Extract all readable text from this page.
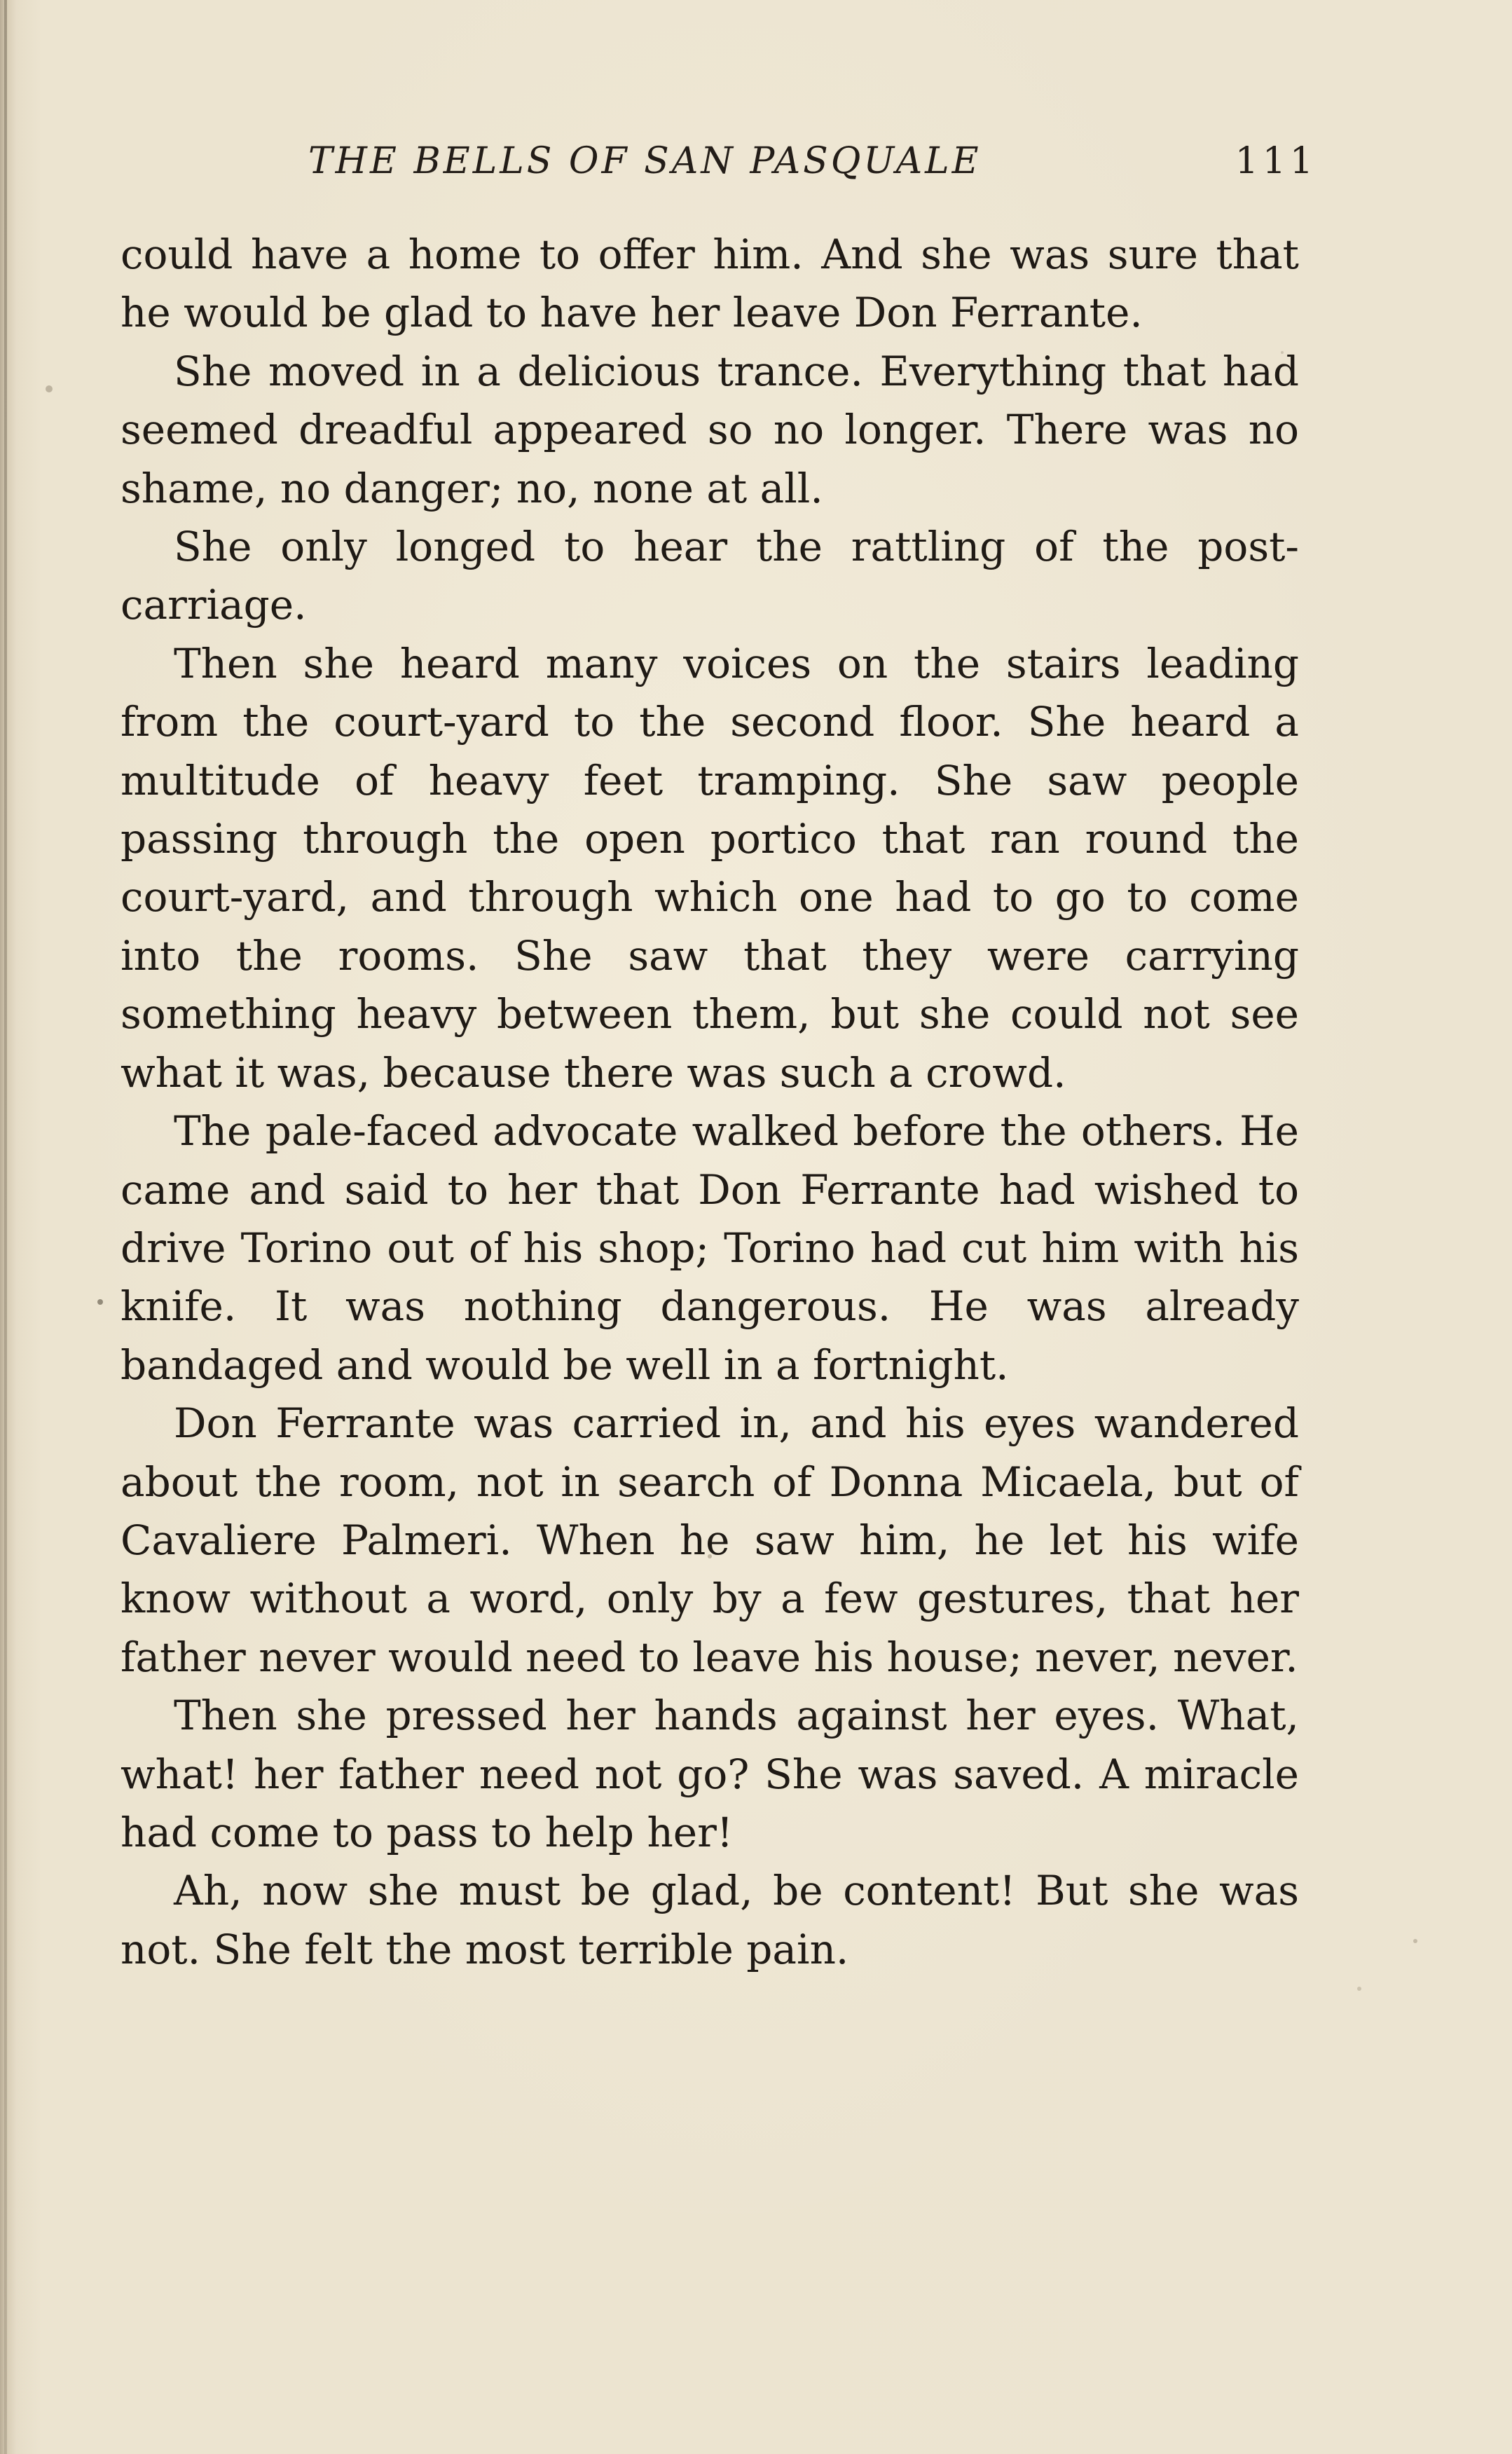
THE BELLS OF SAN PASQUALE	111

could have a home to offer him. And she was sure that he would be glad to have her leave Don Ferrante.

She moved in a delicious trance. Everything that had seemed dreadful appeared so no longer. There was no shame, no danger; no, none at all.

She only longed to hear the rattling of the post-carriage.

Then she heard many voices on the stairs leading from the court-yard to the second floor. She heard a multitude of heavy feet tramping. She saw people passing through the open portico that ran round the court-yard, and through which one had to go to come into the rooms. She saw that they were carrying something heavy between them, but she could not see what it was, because there was such a crowd.

The pale-faced advocate walked before the others. He came and said to her that Don Ferrante had wished to drive Torino out of his shop; Torino had cut him with his knife. It was nothing dangerous. He was already bandaged and would be well in a fortnight.

Don Ferrante was carried in, and his eyes wandered about the room, not in search of Donna Micaela, but of Cavaliere Palmeri. When he saw him, he let his wife know without a word, only by a few gestures, that her father never would need to leave his house; never, never.

Then she pressed her hands against her eyes. What, what! her father need not go? She was saved. A miracle had come to pass to help her!

Ah, now she must be glad, be content! But she was not. She felt the most terrible pain.
